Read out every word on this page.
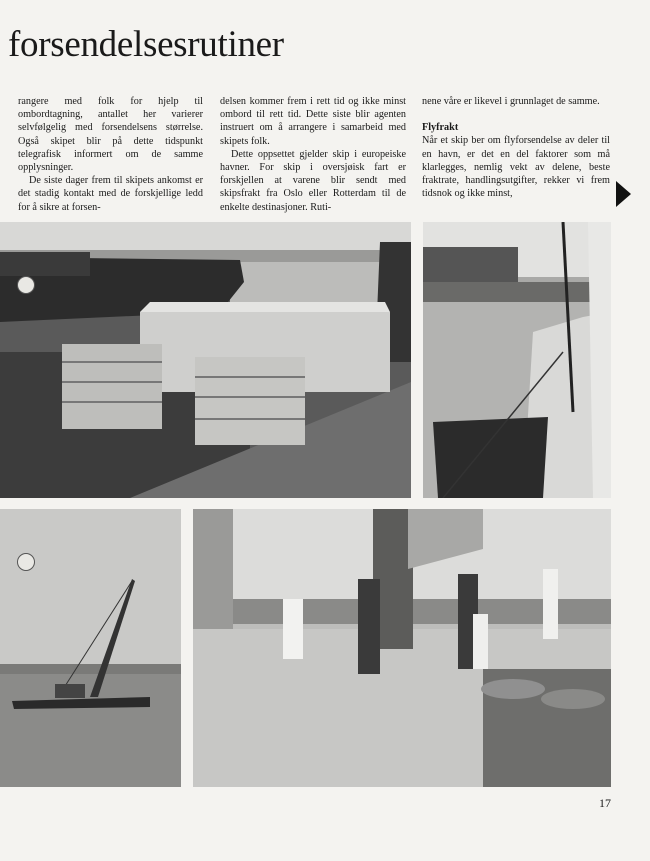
forsendelsesrutiner

rangere med folk for hjelp til ombordtagning, antallet her varierer selvfølgelig med forsendelsens størrelse. Også skipet blir på dette tidspunkt telegrafisk informert om de samme opplysninger.

De siste dager frem til skipets ankomst er det stadig kontakt med de forskjellige ledd for å sikre at forsen-

delsen kommer frem i rett tid og ikke minst ombord til rett tid. Dette siste blir agenten instruert om å arrangere i samarbeid med skipets folk.

Dette oppsettet gjelder skip i europeiske havner. For skip i oversjøisk fart er forskjellen at varene blir sendt med skipsfrakt fra Oslo eller Rotterdam til de enkelte destinasjoner. Ruti-

nene våre er likevel i grunnlaget de samme.

Flyfrakt

Når et skip ber om flyforsendelse av deler til en havn, er det en del faktorer som må klarlegges, nemlig vekt av delene, beste fraktrate, handlingsutgifter, rekker vi frem tidsnok og ikke minst,

17
